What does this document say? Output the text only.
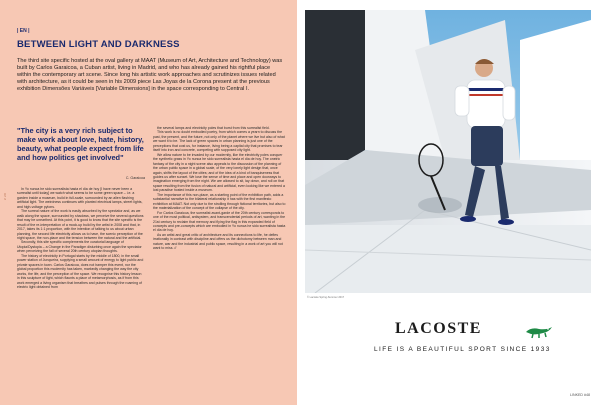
# 20
| EN |
BETWEEN LIGHT AND DARKNESS

The third site specific hosted at the oval gallery at MAAT (Museum of Art, Architecture and Technology) was built by Carlos Garaicoa, a Cuban artist, living in Madrid, and who has already gained his rightful place within the contemporary art scene. Since long his artistic work approaches and scrutinizes issues related with architecture, as it could be seen in his 2009 piece Las Joyas de la Corona present at the previous exhibition Dimensões Variáveis [Variable Dimensions] in the space corresponding to Central I.

"The city is a very rich subject to make work about love, hate, history, beauty, what people expect from life and how politics get involved"

C. Garaicoa

In Yo nunca he sido surrealista hasta el día de hoy [I have never been a surrealist until today] we watch what seems to be some green space – i.e. a garden inside a museum, build in full-scale, surrounded by an alien flashing artificial light. The weirdness continues with planted electrical lamps, street lights, and high-voltage pylons.

The surreal nature of the work is easily absorbed by the spectator and, as we walk along the space, surrounded by shadows, we perceive the several questions that may be unearthed. At this point, it is good to know that the site specific is the result of the re-interpretation of a mock-up build by the artist in 2008 and that, in 2017, takes its 1:1 proportion, with the intention of talking to us about urban planning, the second life electricity allows us to have, the scenic perception of the night space, the non-place and the tension between the natural and the artificial.

Secondly, this site specific complements the curatorial language of Utopia/Dystopia – a Change in the Paradigm disturbing once again the spectator when perceiving the fall of several 20th century utopian thoughts.

The history of electricity in Portugal starts by the middle of 1800, in the small power station of Junqueira, supplying a small amount of energy to light public and private spaces in town. Carlos Garaicoa, does not hamper this event, nor the global proportion this modernity has taken, markedly changing the way the city works, the life, and the perception of the space. We recognise this history lesson in this sculpture of light, which flaunts a place of metamorphosis, as if from this work emerged a living organism that breathes and pulses through the roaming of electric light obtained from

the several lamps and electricity poles that burst from this surrealist field.

This work is no doubt embodied poetry, from which comes a yearn to discuss the past, the present, and the future, not only of the planet where we live but also of what we want it to be. The lack of green spaces in urban planning is just one of the perceptions that cost us, for instance, living being a capital city that promises to tear itself into iron and concrete, competing with supposed city light.

We allow nature to be invaded by our modernity, like the electricity poles conquer the synthetic grass in Yo nunca he sido surrealista hasta el día de hoy. The oneiric fantasy of the city in a night scene also appeals to the discussion of the planning of the urban public space in a global scale, of the very lonely light design that, once again, shifts the layout of the cities; and of the idea of a kind of banquiseness that guides us after sunset. We lose the sense of time and place and open doorways to imagination emerging from the night. We are allowed to sit, lay down, and roll on that space resulting from the fusion of natural and artificial, even looking like we entered a lost paradise hosted inside a museum.

The importance of this non-place, as a starting point of the exhibition path, adds a substantial narrative to the bilateral relationship it has with the first manifesto exhibition at MAAT. Not only due to the strolling through fictional territories, but also to the materialization of the concept of the collapse of the city.

For Carlos Garaicoa, the surrealist avant-garde of the 20th century corresponds to one of the most political, antisystem, and transcendental periods of art, wanting in the 21st century to reclaim that memory and flying the flag in this expanded field of concepts and pre-concepts which are embodied in Yo nunca he sido surrealista hasta el día de hoy.

As an artist and great critic of architecture and its connections to life, he defies irrationally in contrast with discipline and offers us the dichotomy between man and nature, war and the industrial and public space, resulting in a work of art you will not want to miss. //

© Lacoste Spring-Summer 2017
LACOSTE
LIFE IS A BEAUTIFUL SPORT SINCE 1933
LINKED #48
